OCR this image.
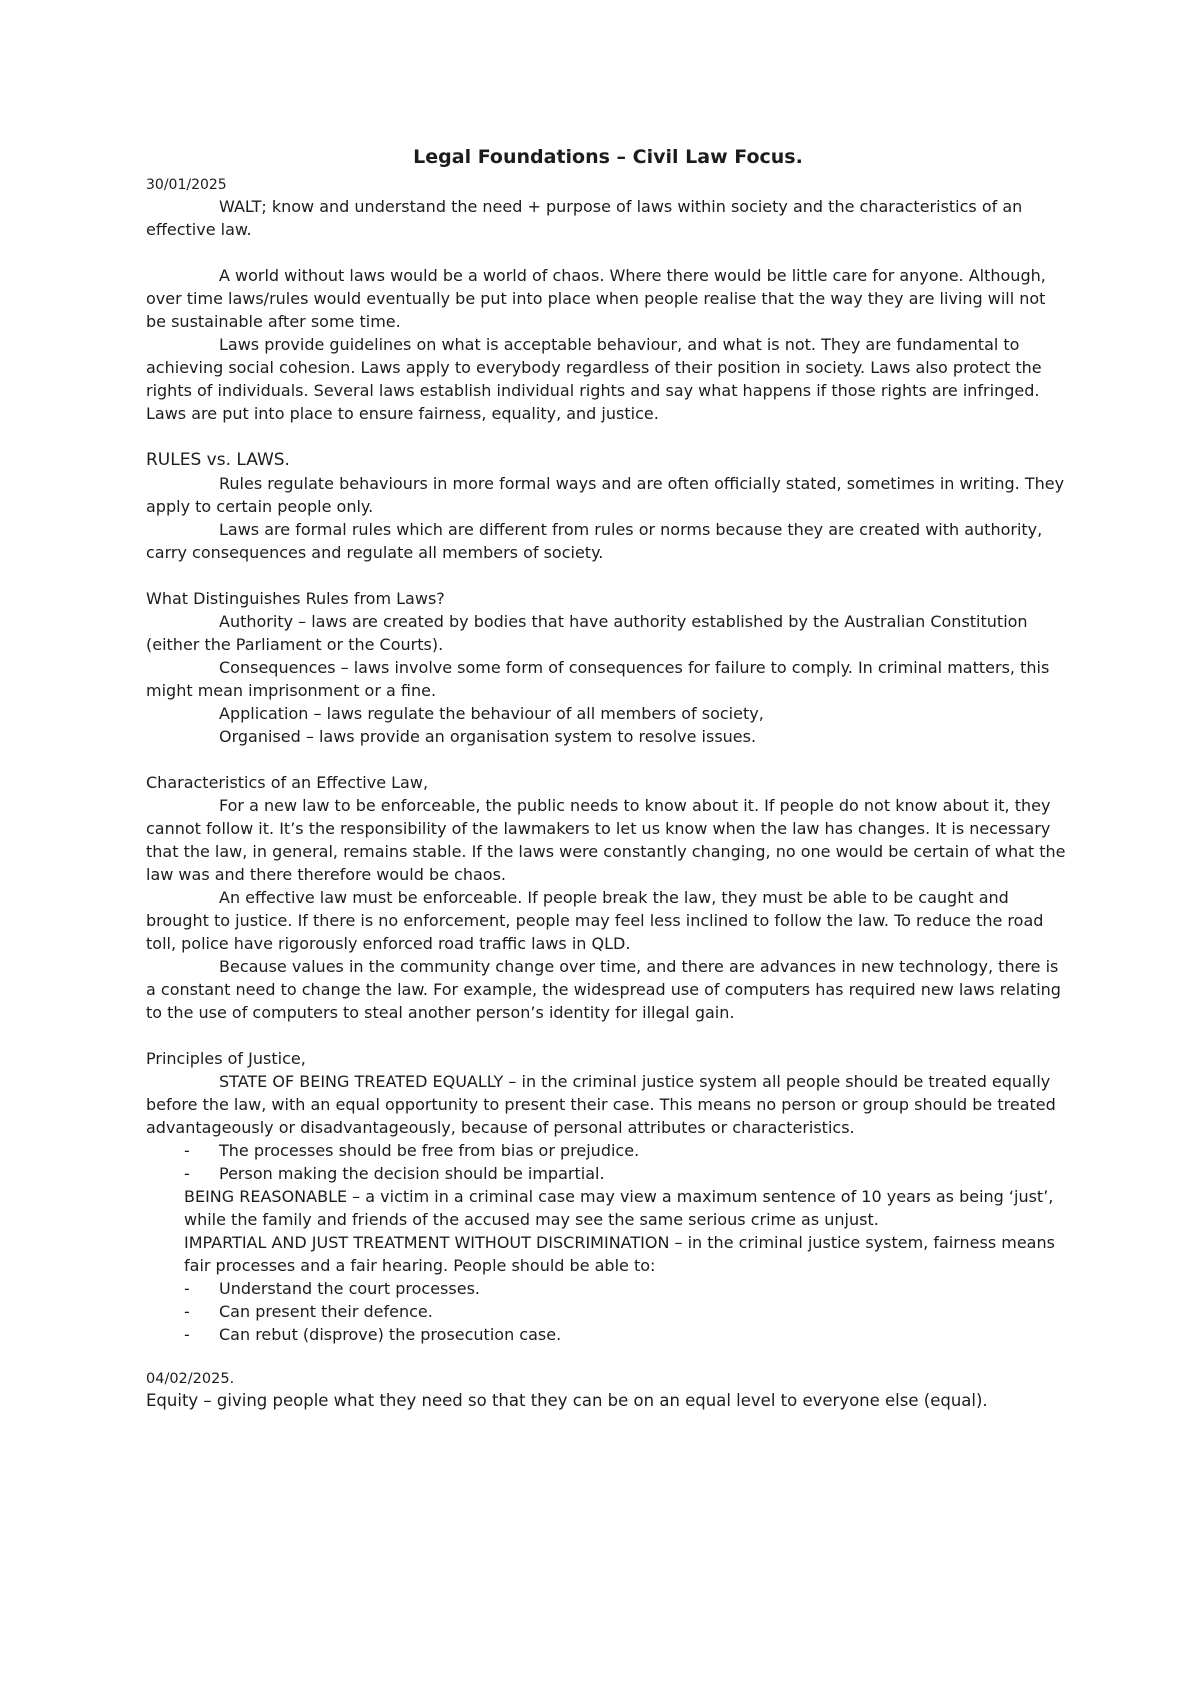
Legal Foundations – Civil Law Focus.

30/01/2025

WALT; know and understand the need + purpose of laws within society and the characteristics of an effective law.

A world without laws would be a world of chaos. Where there would be little care for anyone. Although, over time laws/rules would eventually be put into place when people realise that the way they are living will not be sustainable after some time.

Laws provide guidelines on what is acceptable behaviour, and what is not. They are fundamental to achieving social cohesion. Laws apply to everybody regardless of their position in society. Laws also protect the rights of individuals. Several laws establish individual rights and say what happens if those rights are infringed. Laws are put into place to ensure fairness, equality, and justice.

RULES vs. LAWS.

Rules regulate behaviours in more formal ways and are often officially stated, sometimes in writing. They apply to certain people only.

Laws are formal rules which are different from rules or norms because they are created with authority, carry consequences and regulate all members of society.

What Distinguishes Rules from Laws?

Authority – laws are created by bodies that have authority established by the Australian Constitution (either the Parliament or the Courts).

Consequences – laws involve some form of consequences for failure to comply. In criminal matters, this might mean imprisonment or a fine.

Application – laws regulate the behaviour of all members of society,

Organised – laws provide an organisation system to resolve issues.

Characteristics of an Effective Law,

For a new law to be enforceable, the public needs to know about it. If people do not know about it, they cannot follow it. It’s the responsibility of the lawmakers to let us know when the law has changes. It is necessary that the law, in general, remains stable. If the laws were constantly changing, no one would be certain of what the law was and there therefore would be chaos.

An effective law must be enforceable. If people break the law, they must be able to be caught and brought to justice. If there is no enforcement, people may feel less inclined to follow the law. To reduce the road toll, police have rigorously enforced road traffic laws in QLD.

Because values in the community change over time, and there are advances in new technology, there is a constant need to change the law. For example, the widespread use of computers has required new laws relating to the use of computers to steal another person’s identity for illegal gain.

Principles of Justice,

STATE OF BEING TREATED EQUALLY – in the criminal justice system all people should be treated equally before the law, with an equal opportunity to present their case. This means no person or group should be treated advantageously or disadvantageously, because of personal attributes or characteristics.

- The processes should be free from bias or prejudice.

- Person making the decision should be impartial.

BEING REASONABLE – a victim in a criminal case may view a maximum sentence of 10 years as being ‘just’, while the family and friends of the accused may see the same serious crime as unjust.

IMPARTIAL AND JUST TREATMENT WITHOUT DISCRIMINATION – in the criminal justice system, fairness means fair processes and a fair hearing. People should be able to:

- Understand the court processes.

- Can present their defence.

- Can rebut (disprove) the prosecution case.

04/02/2025.

Equity – giving people what they need so that they can be on an equal level to everyone else (equal).
